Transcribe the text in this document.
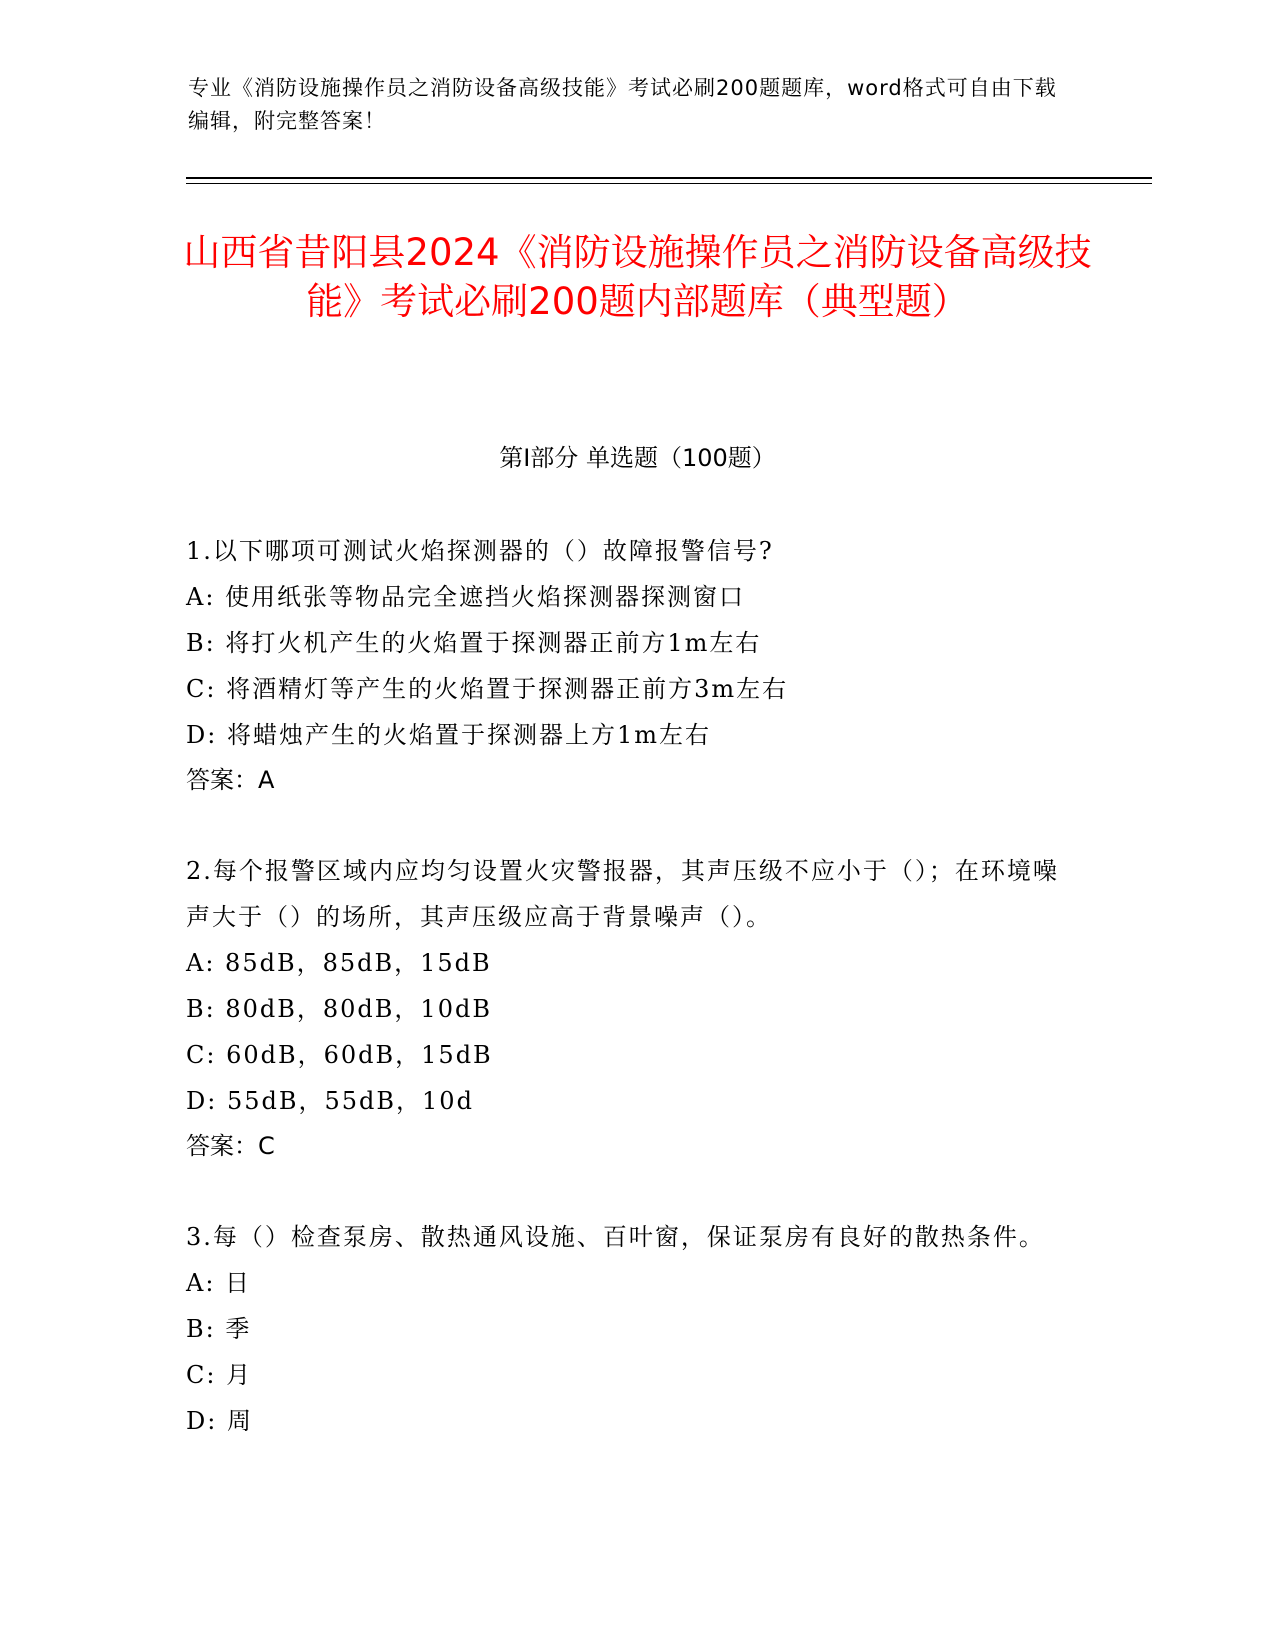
专业《消防设施操作员之消防设备高级技能》考试必刷200题题库，word格式可自由下载编辑，附完整答案！
山西省昔阳县2024《消防设施操作员之消防设备高级技能》考试必刷200题内部题库（典型题）
第I部分 单选题（100题）
1.以下哪项可测试火焰探测器的（）故障报警信号?
A: 使用纸张等物品完全遮挡火焰探测器探测窗口
B: 将打火机产生的火焰置于探测器正前方1m左右
C: 将酒精灯等产生的火焰置于探测器正前方3m左右
D: 将蜡烛产生的火焰置于探测器上方1m左右
答案：A
2.每个报警区域内应均匀设置火灾警报器，其声压级不应小于（）；在环境噪声大于（）的场所，其声压级应高于背景噪声（）。
A: 85dB，85dB，15dB
B: 80dB，80dB，10dB
C: 60dB，60dB，15dB
D: 55dB，55dB，10d
答案：C
3.每（）检查泵房、散热通风设施、百叶窗，保证泵房有良好的散热条件。
A: 日
B: 季
C: 月
D: 周
